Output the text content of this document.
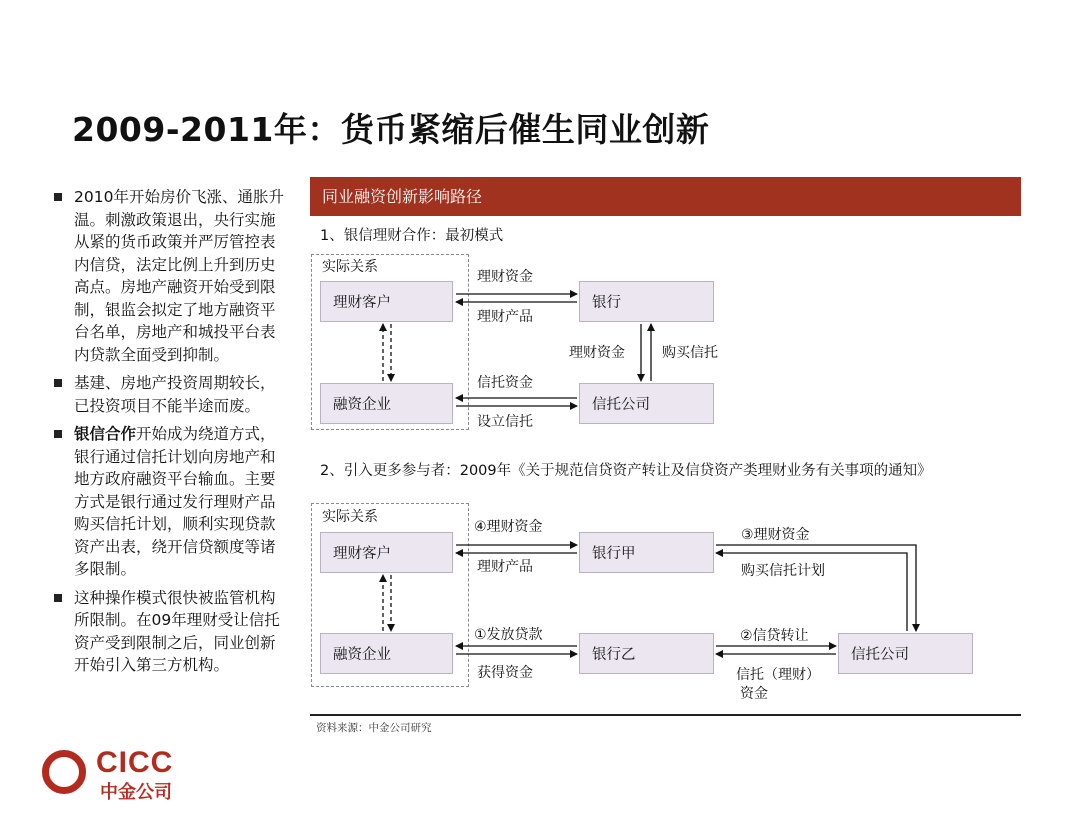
2009-2011年：货币紧缩后催生同业创新
2010年开始房价飞涨、通胀升温。刺激政策退出，央行实施从紧的货币政策并严厉管控表内信贷，法定比例上升到历史高点。房地产融资开始受到限制，银监会拟定了地方融资平台名单，房地产和城投平台表内贷款全面受到抑制。
基建、房地产投资周期较长，已投资项目不能半途而废。
银信合作开始成为绕道方式，银行通过信托计划向房地产和地方政府融资平台输血。主要方式是银行通过发行理财产品购买信托计划，顺利实现贷款资产出表，绕开信贷额度等诸多限制。
这种操作模式很快被监管机构所限制。在09年理财受让信托资产受到限制之后，同业创新开始引入第三方机构。
同业融资创新影响路径
1、银信理财合作：最初模式
实际关系
理财客户	银行
融资企业	信托公司
理财资金
理财产品
理财资金	购买信托
信托资金
设立信托
2、引入更多参与者：2009年《关于规范信贷资产转让及信贷资产类理财业务有关事项的通知》
实际关系
理财客户	银行甲
融资企业	银行乙	信托公司
④理财资金
理财产品
③理财资金
购买信托计划
①发放贷款
获得资金
②信贷转让
信托（理财）
资金
资料来源：中金公司研究
CICC
中金公司
